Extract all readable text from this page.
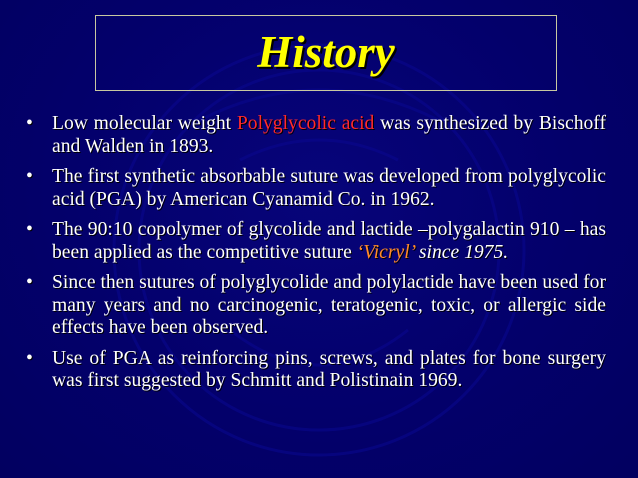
History
• Low molecular weight Polyglycolic acid was synthesized by Bischoff and Walden in 1893.
• The first synthetic absorbable suture was developed from polyglycolic acid (PGA) by American Cyanamid Co. in 1962.
• The 90:10 copolymer of glycolide and lactide –polygalactin 910 – has been applied as the competitive suture ‘Vicryl’ since 1975.
• Since then sutures of polyglycolide and polylactide have been used for many years and no carcinogenic, teratogenic, toxic, or allergic side effects have been observed.
• Use of PGA as reinforcing pins, screws, and plates for bone surgery was first suggested by Schmitt and Polistinain 1969.
